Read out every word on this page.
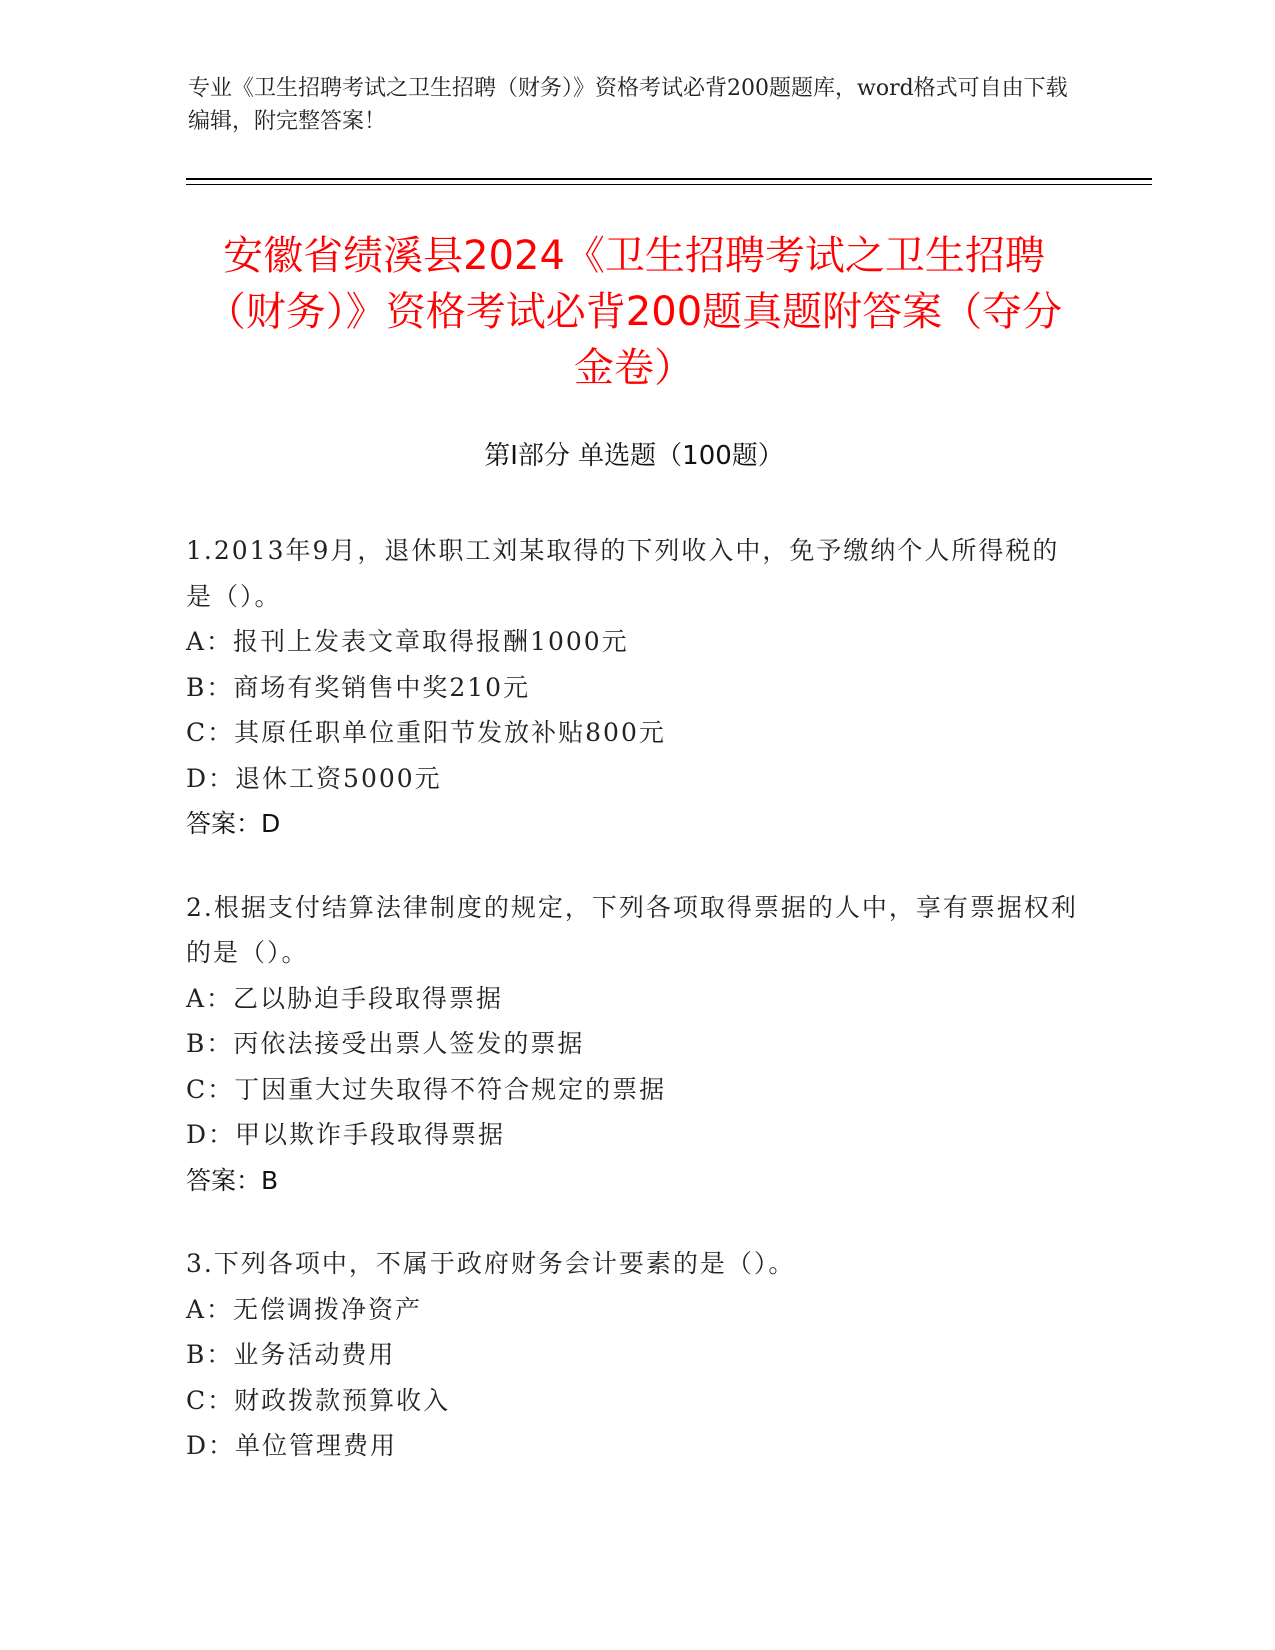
专业《卫生招聘考试之卫生招聘（财务）》资格考试必背200题题库，word格式可自由下载编辑，附完整答案！
安徽省绩溪县2024《卫生招聘考试之卫生招聘（财务）》资格考试必背200题真题附答案（夺分金卷）
第I部分 单选题（100题）
1.2013年9月，退休职工刘某取得的下列收入中，免予缴纳个人所得税的是（）。
A：报刊上发表文章取得报酬1000元
B：商场有奖销售中奖210元
C：其原任职单位重阳节发放补贴800元
D：退休工资5000元
答案：D
2.根据支付结算法律制度的规定，下列各项取得票据的人中，享有票据权利的是（）。
A：乙以胁迫手段取得票据
B：丙依法接受出票人签发的票据
C：丁因重大过失取得不符合规定的票据
D：甲以欺诈手段取得票据
答案：B
3.下列各项中，不属于政府财务会计要素的是（）。
A：无偿调拨净资产
B：业务活动费用
C：财政拨款预算收入
D：单位管理费用
